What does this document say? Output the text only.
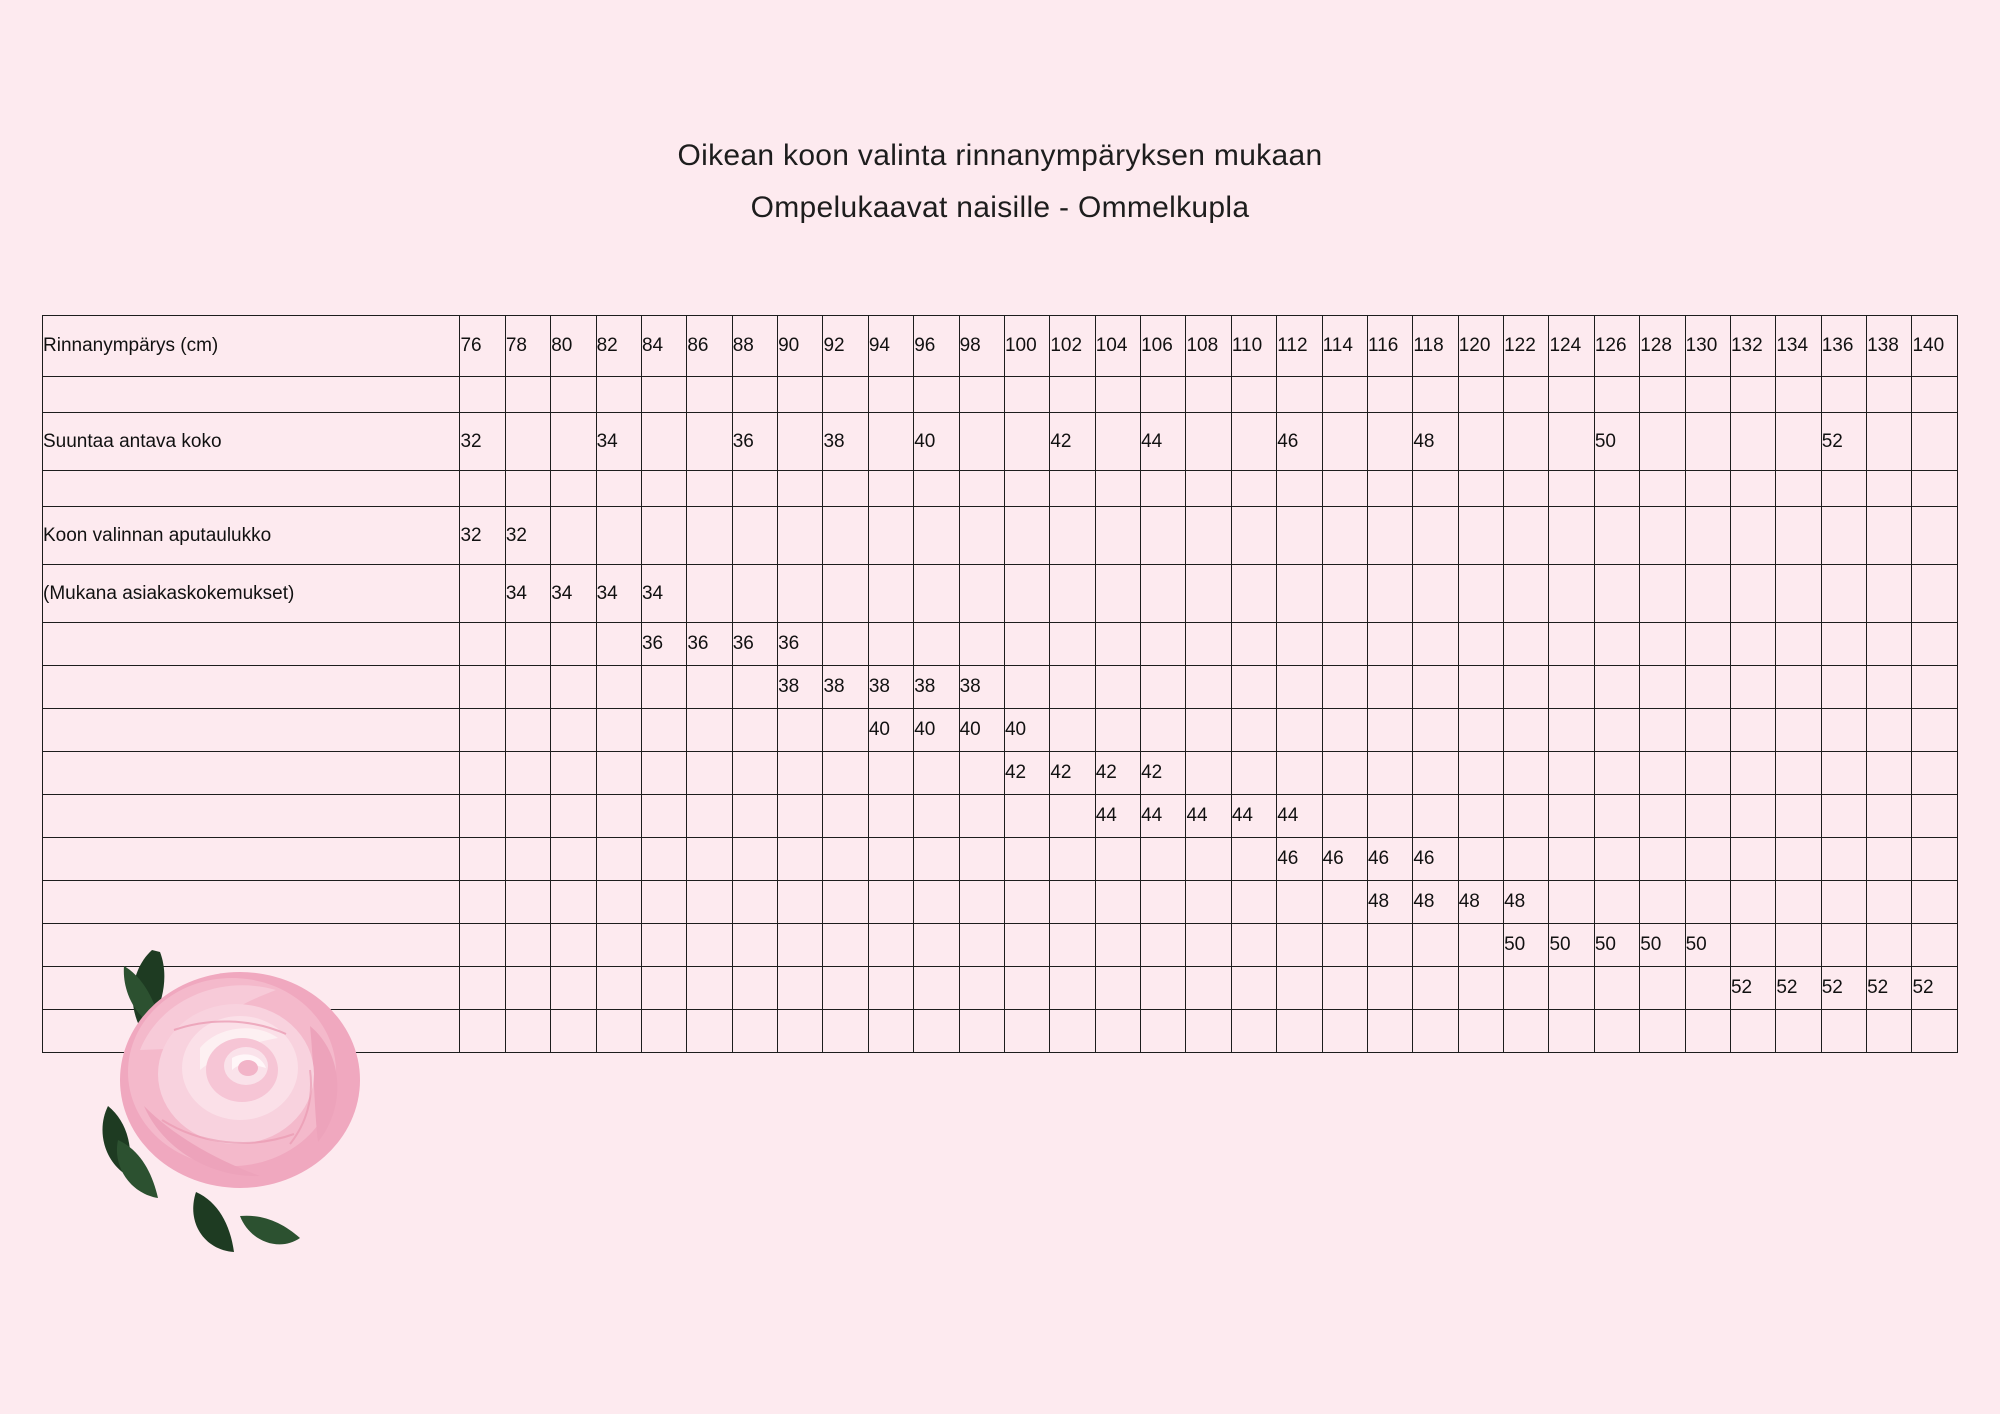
Oikean koon valinta rinnanympäryksen mukaan
Ompelukaavat naisille - Ommelkupla
Rinnanympärys (cm)	76	78	80	82	84	86	88	90	92	94	96	98	100	102	104	106	108	110	112	114	116	118	120	122	124	126	128	130	132	134	136	138	140

Suuntaa antava koko	32			34			36		38		40			42		44			46			48				50					52		

Koon valinnan aputaulukko	32	32																															
(Mukana asiakaskokemukset)		34	34	34	34																												
					36	36	36	36																									
								38	38	38	38	38																					
										40	40	40	40																				
													42	42	42	42																	
															44	44	44	44	44														
																			46	46	46	46											
																					48	48	48	48									
																								50	50	50	50	50					
																													52	52	52	52	52
